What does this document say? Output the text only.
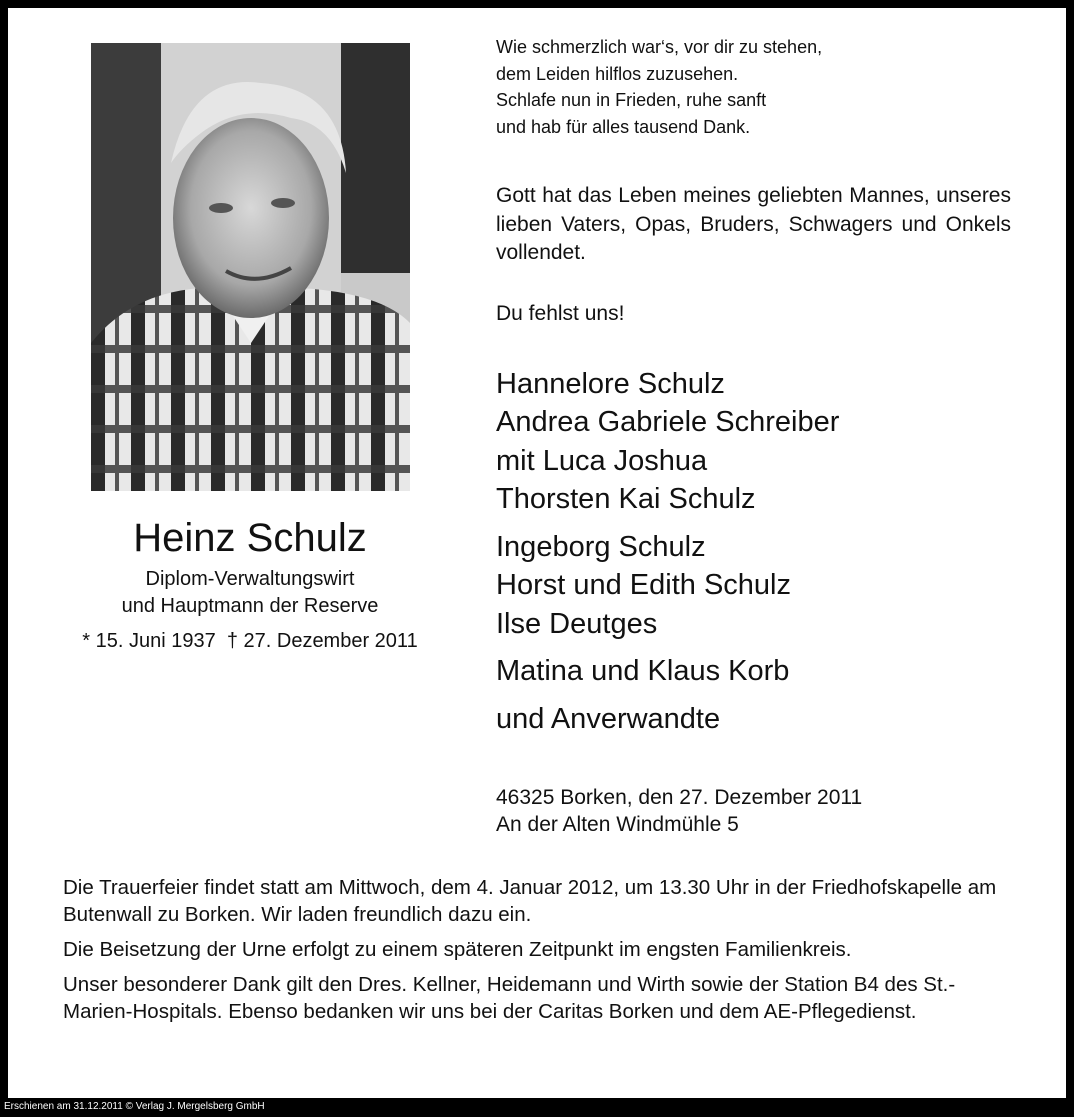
Heinz Schulz
Diplom-Verwaltungswirt
und Hauptmann der Reserve
* 15. Juni 1937  † 27. Dezember 2011
Wie schmerzlich war‘s, vor dir zu stehen,
dem Leiden hilflos zuzusehen.
Schlafe nun in Frieden, ruhe sanft
und hab für alles tausend Dank.
Gott hat das Leben meines geliebten Mannes, unseres lieben Vaters, Opas, Bruders, Schwagers und Onkels vollendet.
Du fehlst uns!
Hannelore Schulz
Andrea Gabriele Schreiber
mit Luca Joshua
Thorsten Kai Schulz
Ingeborg Schulz
Horst und Edith Schulz
Ilse Deutges
Matina und Klaus Korb
und Anverwandte
46325 Borken, den 27. Dezember 2011
An der Alten Windmühle 5

Die Trauerfeier findet statt am Mittwoch, dem 4. Januar 2012, um 13.30 Uhr in der Friedhofskapelle am Butenwall zu Borken. Wir laden freundlich dazu ein.

Die Beisetzung der Urne erfolgt zu einem späteren Zeitpunkt im engsten Familienkreis.

Unser besonderer Dank gilt den Dres. Kellner, Heidemann und Wirth sowie der Station B4 des St.-Marien-Hospitals. Ebenso bedanken wir uns bei der Caritas Borken und dem AE-Pflegedienst.

Erschienen am 31.12.2011 © Verlag J. Mergelsberg GmbH
